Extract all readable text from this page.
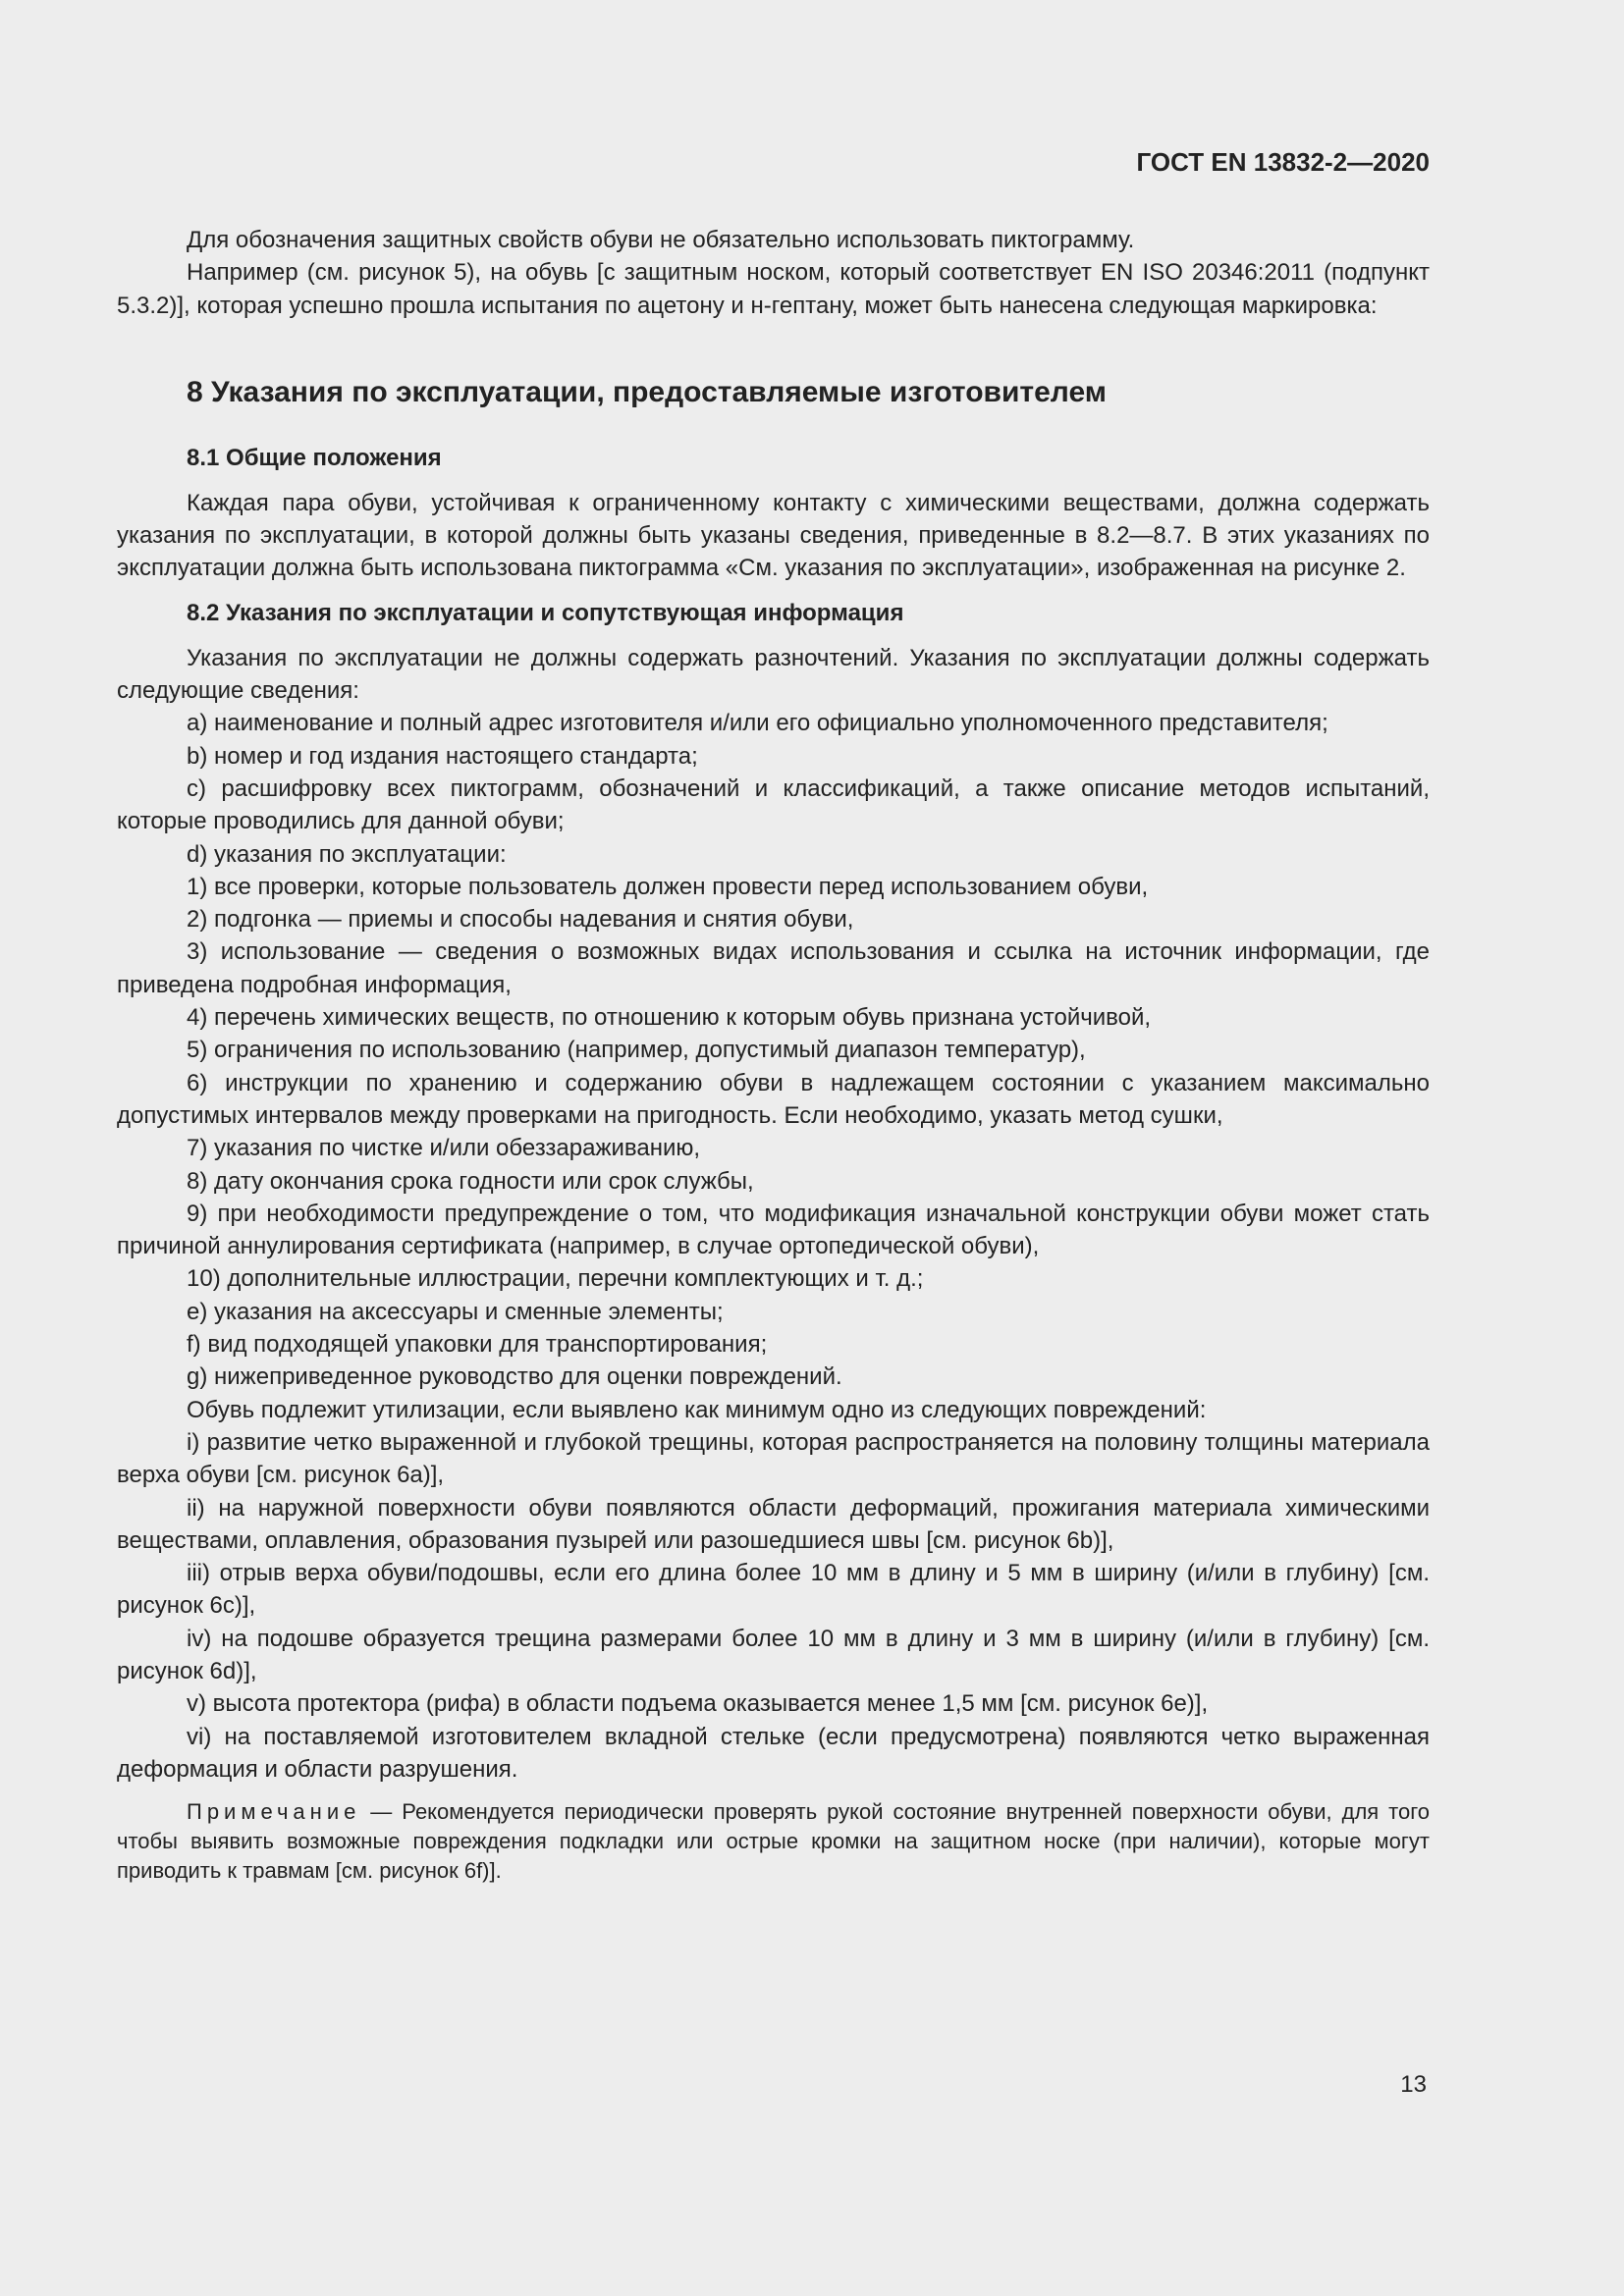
ГОСТ EN 13832-2—2020

Для обозначения защитных свойств обуви не обязательно использовать пиктограмму.

Например (см. рисунок 5), на обувь [с защитным носком, который соответствует EN ISO 20346:2011 (подпункт 5.3.2)], которая успешно прошла испытания по ацетону и н-гептану, может быть нанесена следующая маркировка:

8 Указания по эксплуатации, предоставляемые изготовителем
8.1 Общие положения

Каждая пара обуви, устойчивая к ограниченному контакту с химическими веществами, должна содержать указания по эксплуатации, в которой должны быть указаны сведения, приведенные в 8.2—8.7. В этих указаниях по эксплуатации должна быть использована пиктограмма «См. указания по эксплуатации», изображенная на рисунке 2.

8.2 Указания по эксплуатации и сопутствующая информация

Указания по эксплуатации не должны содержать разночтений. Указания по эксплуатации должны содержать следующие сведения:

a) наименование и полный адрес изготовителя и/или его официально уполномоченного представителя;

b) номер и год издания настоящего стандарта;

c) расшифровку всех пиктограмм, обозначений и классификаций, а также описание методов испытаний, которые проводились для данной обуви;

d) указания по эксплуатации:

1) все проверки, которые пользователь должен провести перед использованием обуви,

2) подгонка — приемы и способы надевания и снятия обуви,

3) использование — сведения о возможных видах использования и ссылка на источник информации, где приведена подробная информация,

4) перечень химических веществ, по отношению к которым обувь признана устойчивой,

5) ограничения по использованию (например, допустимый диапазон температур),

6) инструкции по хранению и содержанию обуви в надлежащем состоянии с указанием максимально допустимых интервалов между проверками на пригодность. Если необходимо, указать метод сушки,

7) указания по чистке и/или обеззараживанию,

8) дату окончания срока годности или срок службы,

9) при необходимости предупреждение о том, что модификация изначальной конструкции обуви может стать причиной аннулирования сертификата (например, в случае ортопедической обуви),

10) дополнительные иллюстрации, перечни комплектующих и т. д.;

e) указания на аксессуары и сменные элементы;

f) вид подходящей упаковки для транспортирования;

g) нижеприведенное руководство для оценки повреждений.

Обувь подлежит утилизации, если выявлено как минимум одно из следующих повреждений:

i) развитие четко выраженной и глубокой трещины, которая распространяется на половину толщины материала верха обуви [см. рисунок 6a)],

ii) на наружной поверхности обуви появляются области деформаций, прожигания материала химическими веществами, оплавления, образования пузырей или разошедшиеся швы [см. рисунок 6b)],

iii) отрыв верха обуви/подошвы, если его длина более 10 мм в длину и 5 мм в ширину (и/или в глубину) [см. рисунок 6c)],

iv) на подошве образуется трещина размерами более 10 мм в длину и 3 мм в ширину (и/или в глубину) [см. рисунок 6d)],

v) высота протектора (рифа) в области подъема оказывается менее 1,5 мм [см. рисунок 6e)],

vi) на поставляемой изготовителем вкладной стельке (если предусмотрена) появляются четко выраженная деформация и области разрушения.

Примечание — Рекомендуется периодически проверять рукой состояние внутренней поверхности обуви, для того чтобы выявить возможные повреждения подкладки или острые кромки на защитном носке (при наличии), которые могут приводить к травмам [см. рисунок 6f)].

13
